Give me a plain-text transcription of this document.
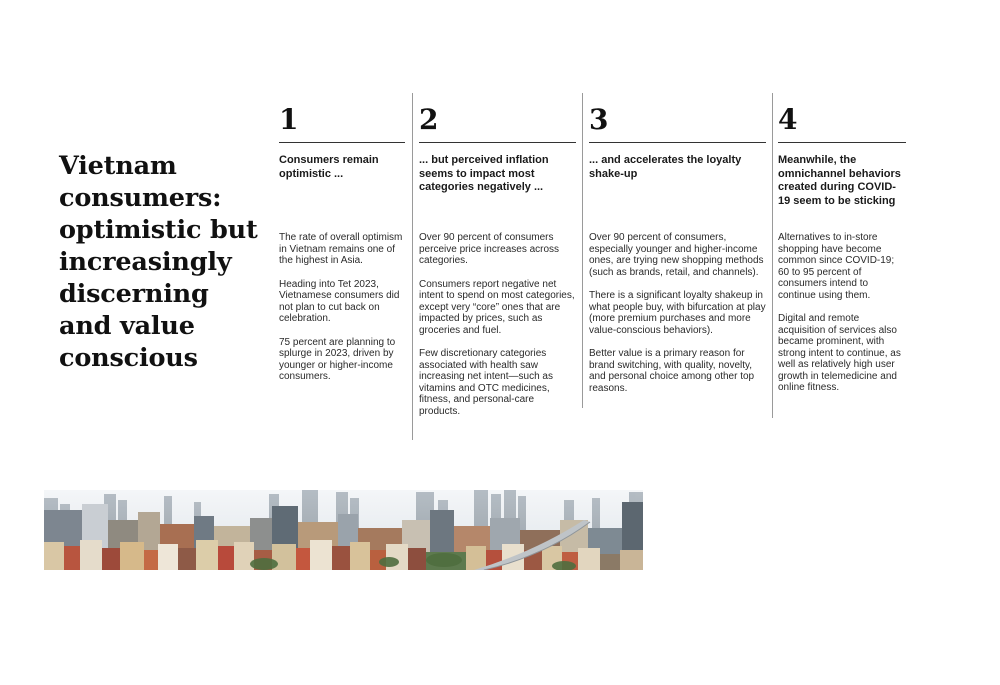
Vietnam consumers: optimistic but increasingly discerning and value conscious
1
Consumers remain optimistic ...

The rate of overall optimism in Vietnam remains one of the highest in Asia.

Heading into Tet 2023, Vietnamese consumers did not plan to cut back on celebration.

75 percent are planning to splurge in 2023, driven by younger or higher-income consumers.

2
... but perceived inflation seems to impact most categories negatively ...

Over 90 percent of consumers perceive price increases across categories.

Consumers report negative net intent to spend on most categories, except very “core” ones that are impacted by prices, such as groceries and fuel.

Few discretionary categories associated with health saw increasing net intent—such as vitamins and OTC medicines, fitness, and personal-care products.

3
... and accelerates the loyalty shake-up

Over 90 percent of consumers, especially younger and higher-income ones, are trying new shopping methods (such as brands, retail, and channels).

There is a significant loyalty shakeup in what people buy, with bifurcation at play (more premium purchases and more value-conscious behaviors).

Better value is a primary reason for brand switching, with quality, novelty, and personal choice among other top reasons.

4
Meanwhile, the omnichannel behaviors created during COVID-19 seem to be sticking

Alternatives to in-store shopping have become common since COVID-19; 60 to 95 percent of consumers intend to continue using them.

Digital and remote acquisition of services also became prominent, with strong intent to continue, as well as relatively high user growth in telemedicine and online fitness.
